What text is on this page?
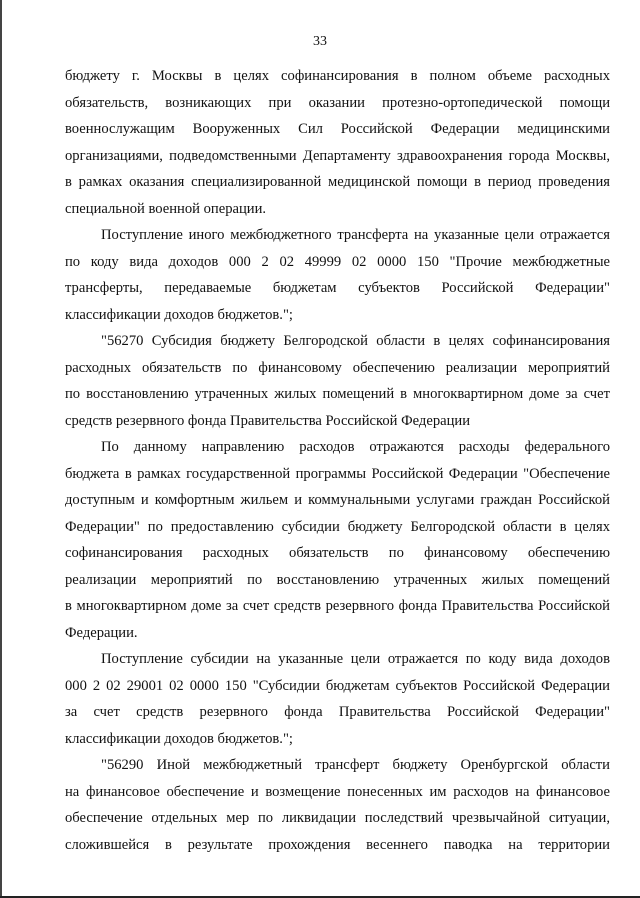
33
бюджету г. Москвы в целях софинансирования в полном объеме расходных
обязательств, возникающих при оказании протезно-ортопедической помощи
военнослужащим Вооруженных Сил Российской Федерации медицинскими
организациями, подведомственными Департаменту здравоохранения города Москвы,
в рамках оказания специализированной медицинской помощи в период проведения
специальной военной операции.
Поступление иного межбюджетного трансферта на указанные цели отражается
по коду вида доходов 000 2 02 49999 02 0000 150 "Прочие межбюджетные
трансферты, передаваемые бюджетам субъектов Российской Федерации"
классификации доходов бюджетов.";
"56270 Субсидия бюджету Белгородской области в целях софинансирования
расходных обязательств по финансовому обеспечению реализации мероприятий
по восстановлению утраченных жилых помещений в многоквартирном доме за счет
средств резервного фонда Правительства Российской Федерации
По данному направлению расходов отражаются расходы федерального
бюджета в рамках государственной программы Российской Федерации "Обеспечение
доступным и комфортным жильем и коммунальными услугами граждан Российской
Федерации" по предоставлению субсидии бюджету Белгородской области в целях
софинансирования расходных обязательств по финансовому обеспечению
реализации мероприятий по восстановлению утраченных жилых помещений
в многоквартирном доме за счет средств резервного фонда Правительства Российской
Федерации.
Поступление субсидии на указанные цели отражается по коду вида доходов
000 2 02 29001 02 0000 150 "Субсидии бюджетам субъектов Российской Федерации
за счет средств резервного фонда Правительства Российской Федерации"
классификации доходов бюджетов.";
"56290 Иной межбюджетный трансферт бюджету Оренбургской области
на финансовое обеспечение и возмещение понесенных им расходов на финансовое
обеспечение отдельных мер по ликвидации последствий чрезвычайной ситуации,
сложившейся в результате прохождения весеннего паводка на территории
